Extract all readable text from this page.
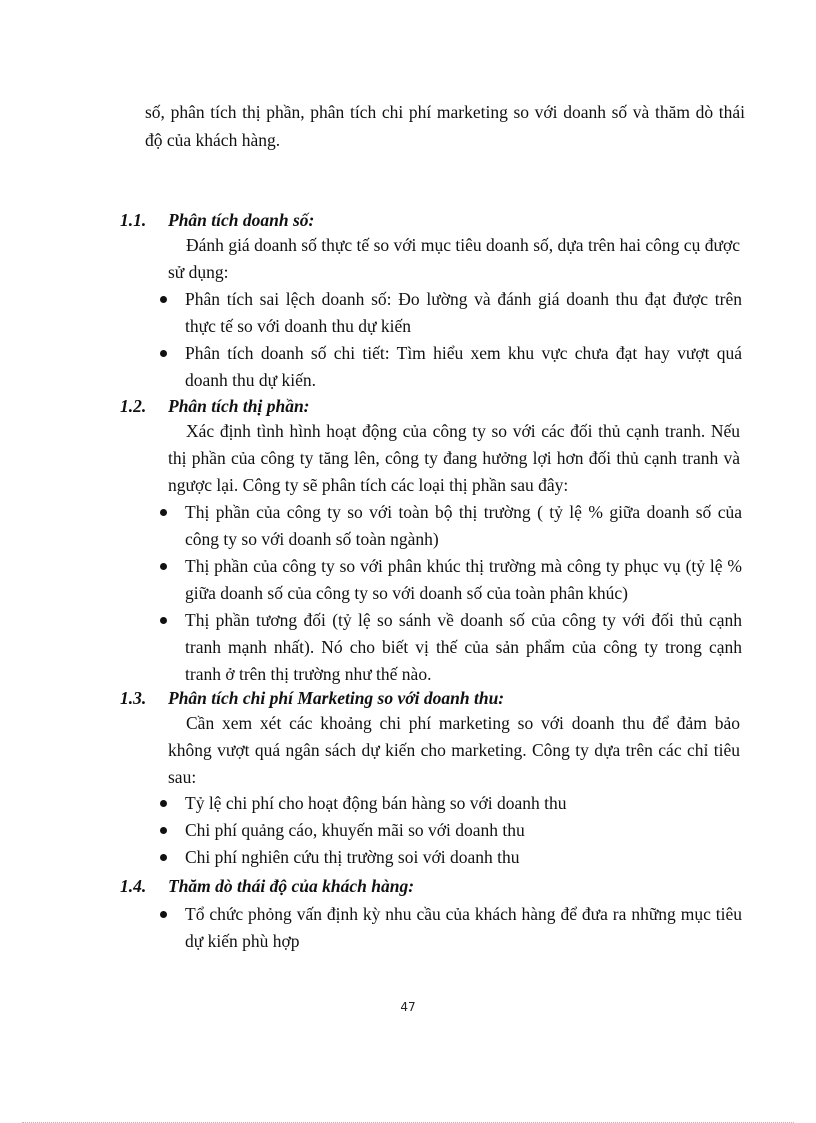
số, phân tích thị phần, phân tích chi phí marketing so với doanh số và thăm dò thái độ của khách hàng.
1.1. Phân tích doanh số:
Đánh giá doanh số thực tế so với mục tiêu doanh số, dựa trên hai công cụ được sử dụng:
Phân tích sai lệch doanh số: Đo lường và đánh giá doanh thu đạt được trên thực tế so với doanh thu dự kiến
Phân tích doanh số chi tiết: Tìm hiểu xem khu vực chưa đạt hay vượt quá doanh thu dự kiến.
1.2. Phân tích thị phần:
Xác định tình hình hoạt động của công ty so với các đối thủ cạnh tranh. Nếu thị phần của công ty tăng lên, công ty đang hưởng lợi hơn đối thủ cạnh tranh và ngược lại. Công ty sẽ phân tích các loại thị phần sau đây:
Thị phần của công ty so với toàn bộ thị trường ( tỷ lệ % giữa doanh số của công ty so với doanh số toàn ngành)
Thị phần của công ty so với phân khúc thị trường mà công ty phục vụ (tỷ lệ % giữa doanh số của công ty so với doanh số của toàn phân khúc)
Thị phần tương đối (tỷ lệ so sánh về doanh số của công ty với đối thủ cạnh tranh mạnh nhất). Nó cho biết vị thế của sản phẩm của công ty trong cạnh tranh ở trên thị trường như thế nào.
1.3. Phân tích chi phí Marketing so với doanh thu:
Cần xem xét các khoảng chi phí marketing so với doanh thu để đảm bảo không vượt quá ngân sách dự kiến cho marketing. Công ty dựa trên các chỉ tiêu sau:
Tỷ lệ chi phí cho hoạt động bán hàng so với doanh thu
Chi phí quảng cáo, khuyến mãi so với doanh thu
Chi phí nghiên cứu thị trường soi với doanh thu
1.4. Thăm dò thái độ của khách hàng:
Tổ chức phỏng vấn định kỳ nhu cầu của khách hàng để đưa ra những mục tiêu dự kiến phù hợp
47
